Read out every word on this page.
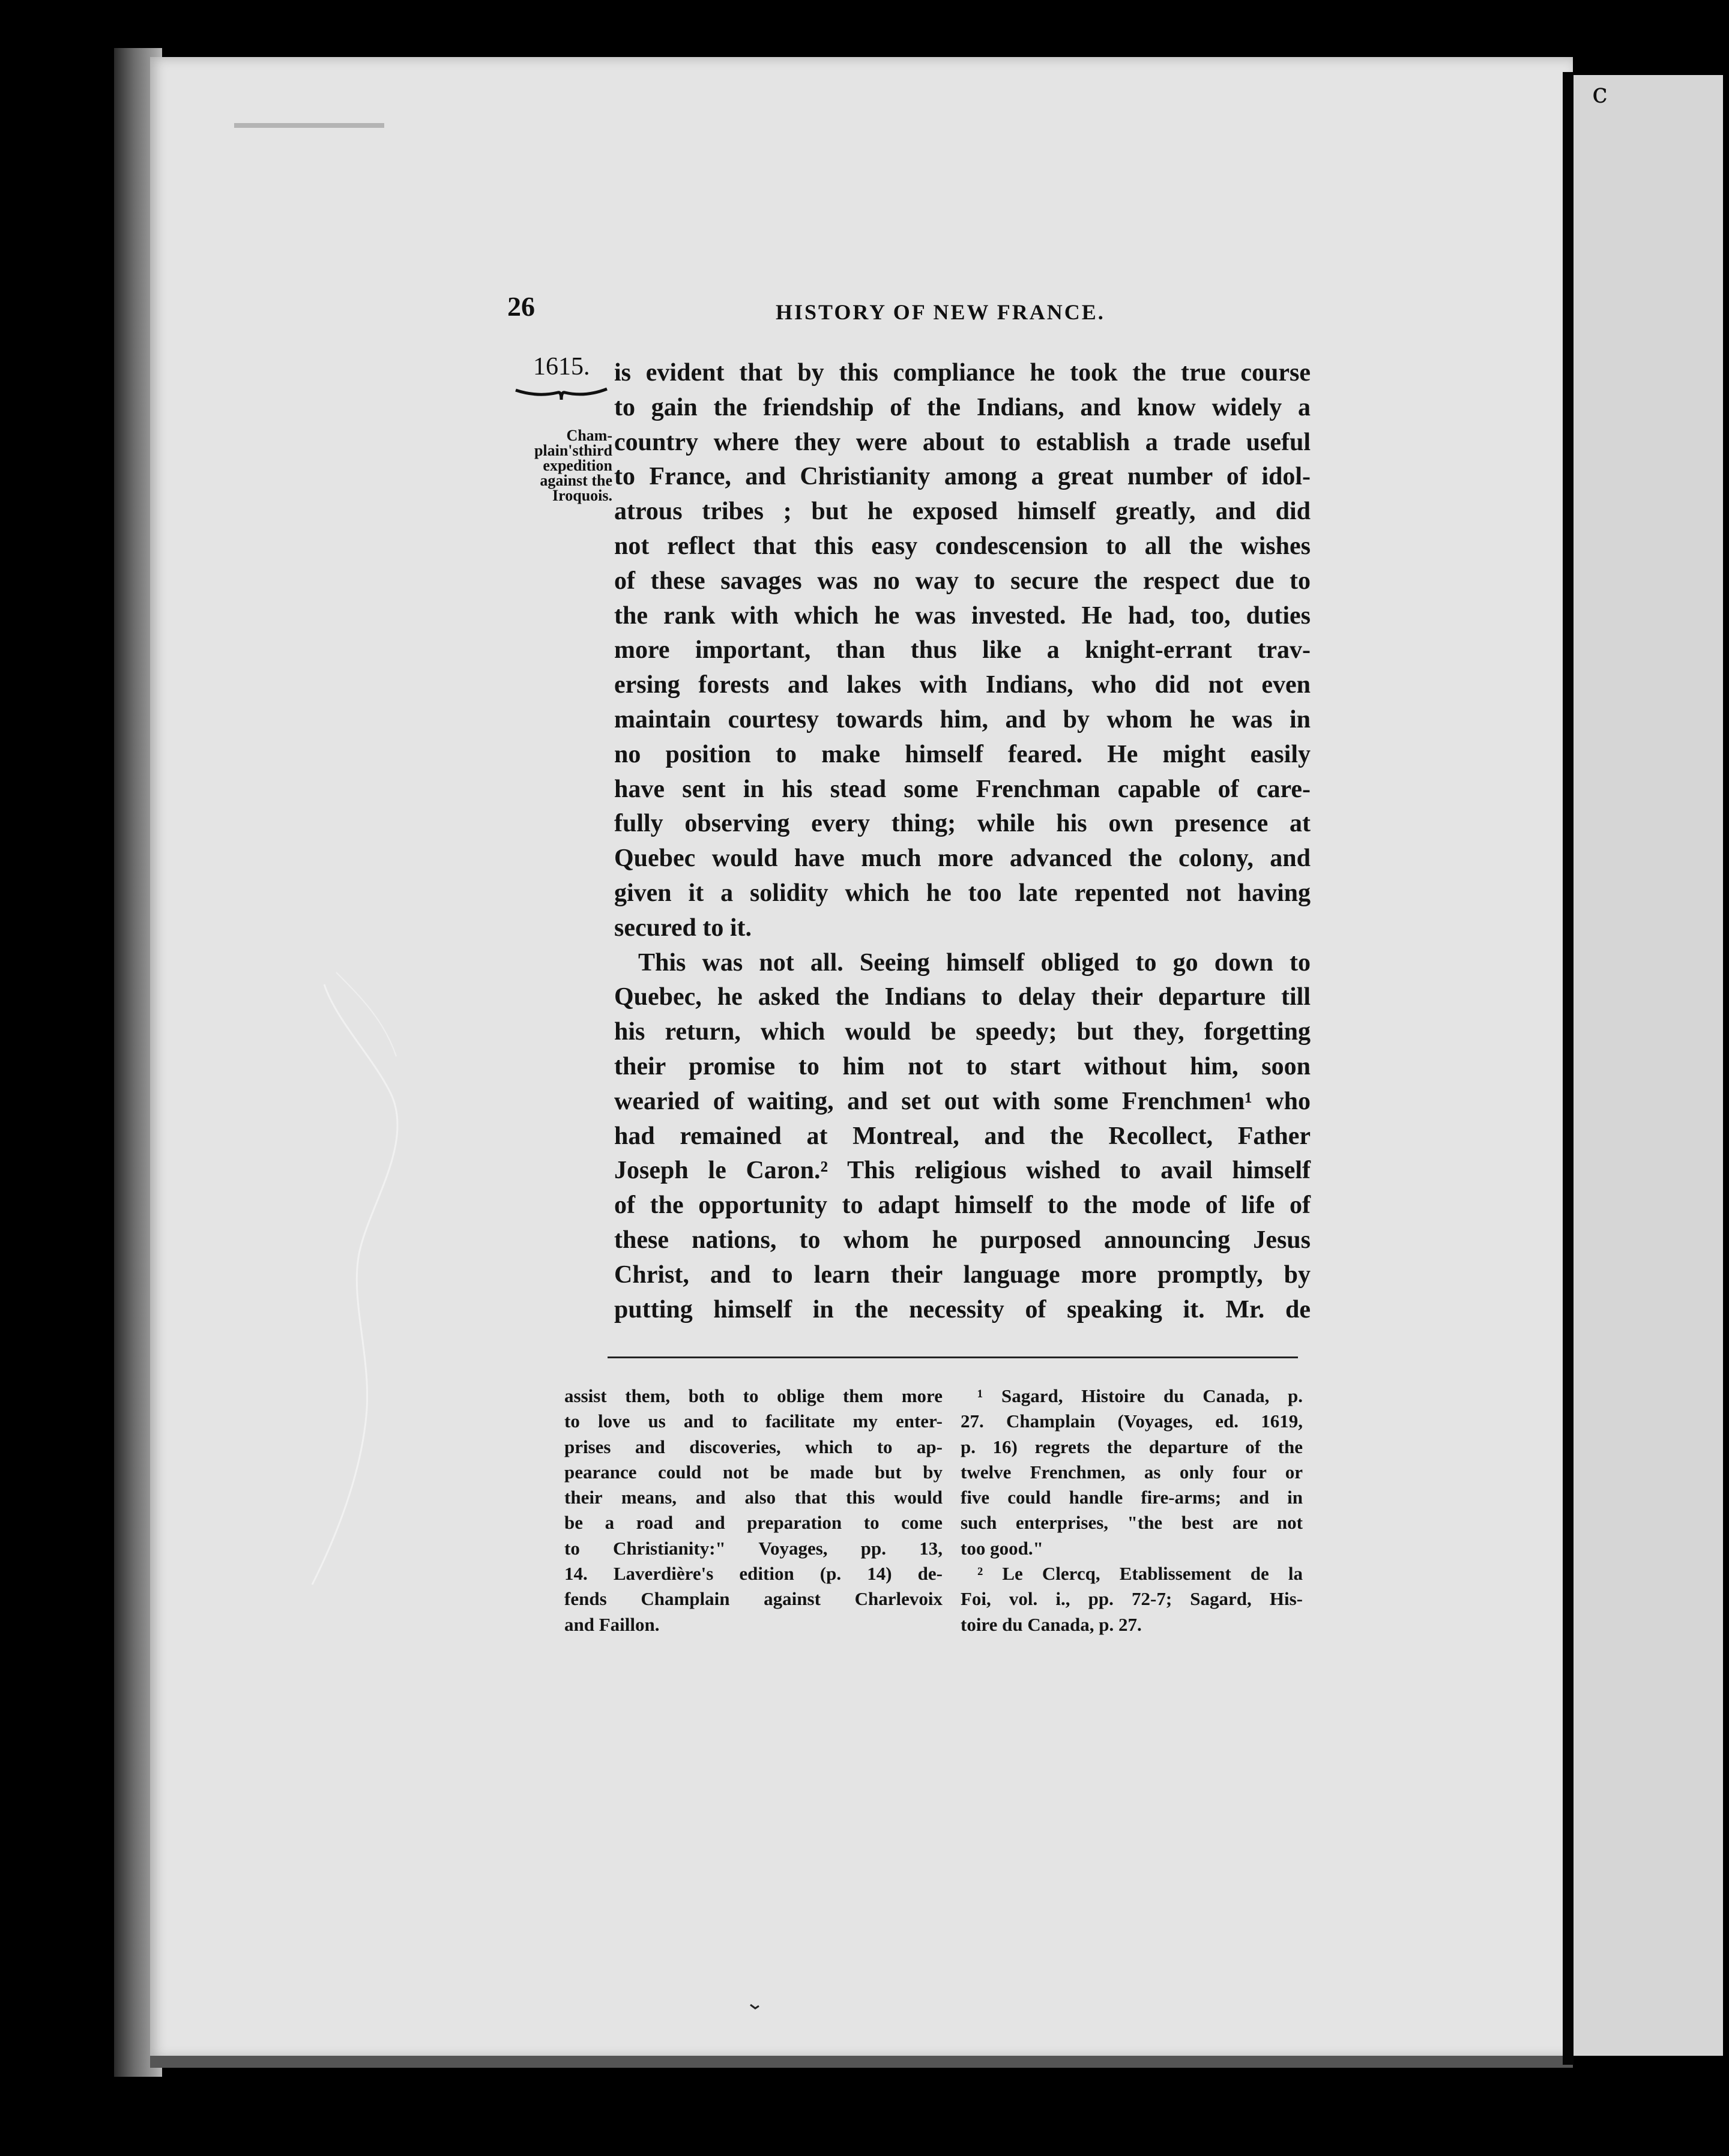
c
26	HISTORY OF NEW FRANCE.
1615.
Cham-
plain'sthird
expedition
against the
Iroquois.
is evident that by this compliance he took the true course
to gain the friendship of the Indians, and know widely a
country where they were about to establish a trade useful
to France, and Christianity among a great number of idol-
atrous tribes ; but he exposed himself greatly, and did
not reflect that this easy condescension to all the wishes
of these savages was no way to secure the respect due to
the rank with which he was invested. He had, too, duties
more important, than thus like a knight-errant trav-
ersing forests and lakes with Indians, who did not even
maintain courtesy towards him, and by whom he was in
no position to make himself feared. He might easily
have sent in his stead some Frenchman capable of care-
fully observing every thing; while his own presence at
Quebec would have much more advanced the colony, and
given it a solidity which he too late repented not having
secured to it.
This was not all. Seeing himself obliged to go down to
Quebec, he asked the Indians to delay their departure till
his return, which would be speedy; but they, forgetting
their promise to him not to start without him, soon
wearied of waiting, and set out with some Frenchmen¹ who
had remained at Montreal, and the Recollect, Father
Joseph le Caron.² This religious wished to avail himself
of the opportunity to adapt himself to the mode of life of
these nations, to whom he purposed announcing Jesus
Christ, and to learn their language more promptly, by
putting himself in the necessity of speaking it. Mr. de
assist them, both to oblige them more
to love us and to facilitate my enter-
prises and discoveries, which to ap-
pearance could not be made but by
their means, and also that this would
be a road and preparation to come
to Christianity:" Voyages, pp. 13,
14. Laverdière's edition (p. 14) de-
fends Champlain against Charlevoix
and Faillon.
¹ Sagard, Histoire du Canada, p.
27. Champlain (Voyages, ed. 1619,
p. 16) regrets the departure of the
twelve Frenchmen, as only four or
five could handle fire-arms; and in
such enterprises, "the best are not
too good."
² Le Clercq, Etablissement de la
Foi, vol. i., pp. 72-7; Sagard, His-
toire du Canada, p. 27.
